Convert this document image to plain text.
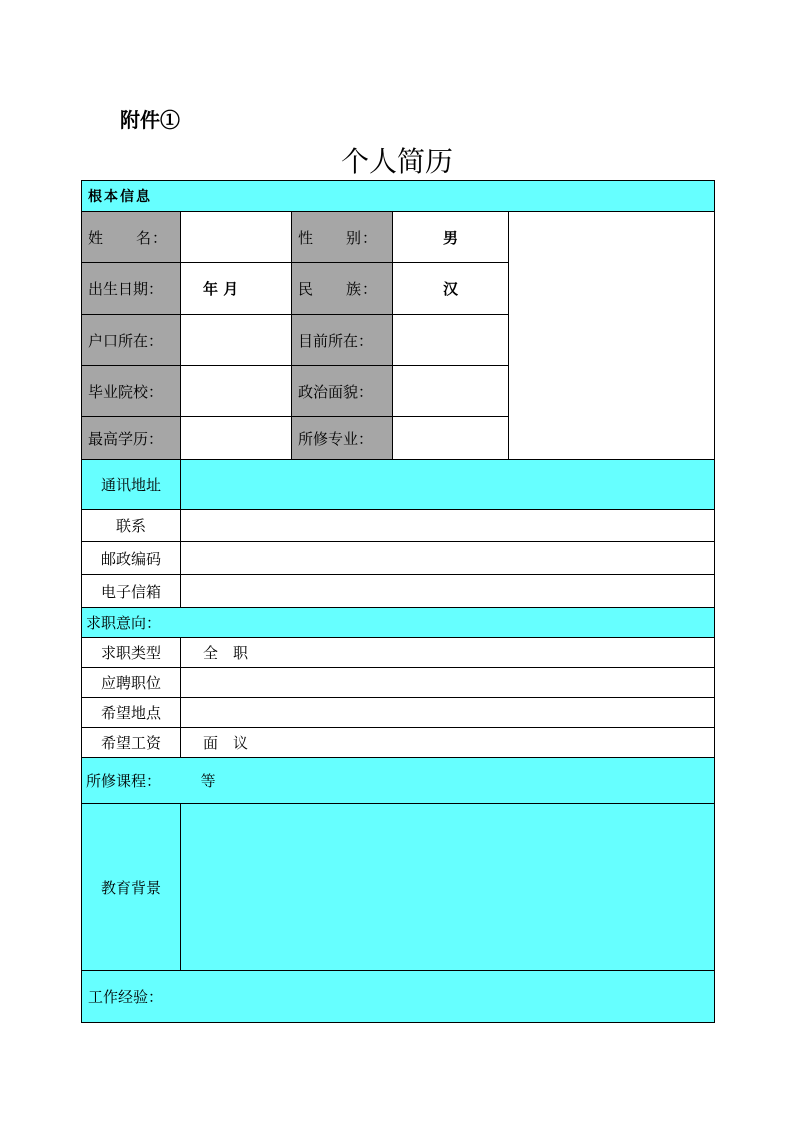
附件①
个人简历
根本信息				
姓　　名：		性　　别：	男	
出生日期：	年 月	民　　族：	汉	
户口所在：		目前所在：		
毕业院校：		政治面貌：		
最高学历：		所修专业：		
通讯地址				
联系				
邮政编码				
电子信箱				
求职意向：				
求职类型	全　职			
应聘职位				
希望地点				
希望工资	面　议			
所修课程： 等				
教育背景				
工作经验：				
